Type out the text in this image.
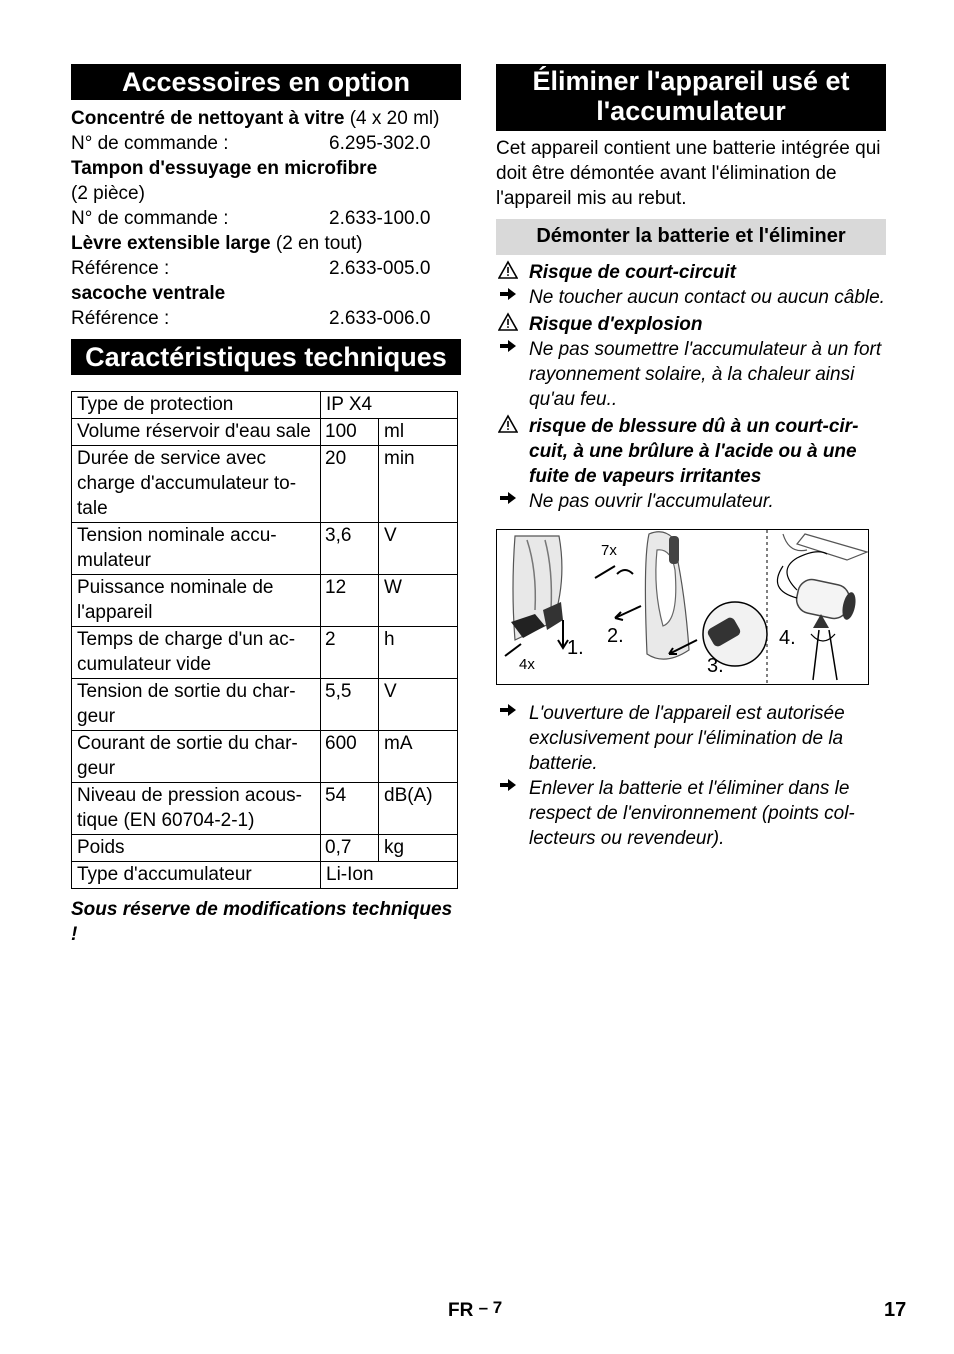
Accessoires en option
Concentré de nettoyant à vitre (4 x 20 ml)
N° de commande :	6.295-302.0
Tampon d'essuyage en microfibre
(2 pièce)
N° de commande :	2.633-100.0
Lèvre extensible large (2 en tout)
Référence :	2.633-005.0
sacoche ventrale
Référence :	2.633-006.0
Caractéristiques techniques
Type de protection	IP X4	
Volume réservoir d'eau sale	100	ml
Durée de service avec charge d'accumulateur to-tale	20	min
Tension nominale accu-mulateur	3,6	V
Puissance nominale de l'appareil	12	W
Temps de charge d'un ac-cumulateur vide	2	h
Tension de sortie du char-geur	5,5	V
Courant de sortie du char-geur	600	mA
Niveau de pression acous-tique (EN 60704-2-1)	54	dB(A)
Poids	0,7	kg
Type d'accumulateur	Li-Ion	
Sous réserve de modifications techniques !
Éliminer l'appareil usé et l'accumulateur
Cet appareil contient une batterie intégrée qui doit être démontée avant l'élimination de l'appareil mis au rebut.
Démonter la batterie et l'éliminer
Risque de court-circuit
Ne toucher aucun contact ou aucun câble.
Risque d'explosion
Ne pas soumettre l'accumulateur à un fort rayonnement solaire, à la chaleur ainsi qu'au feu..
risque de blessure dû à un court-cir-cuit, à une brûlure à l'acide ou à une fuite de vapeurs irritantes
Ne pas ouvrir l'accumulateur.
7x
4x
1.
2.
3.
4.
L'ouverture de l'appareil est autorisée exclusivement pour l'élimination de la batterie.
Enlever la batterie et l'éliminer dans le respect de l'environnement (points col-lecteurs ou revendeur).
FR – 7	17
